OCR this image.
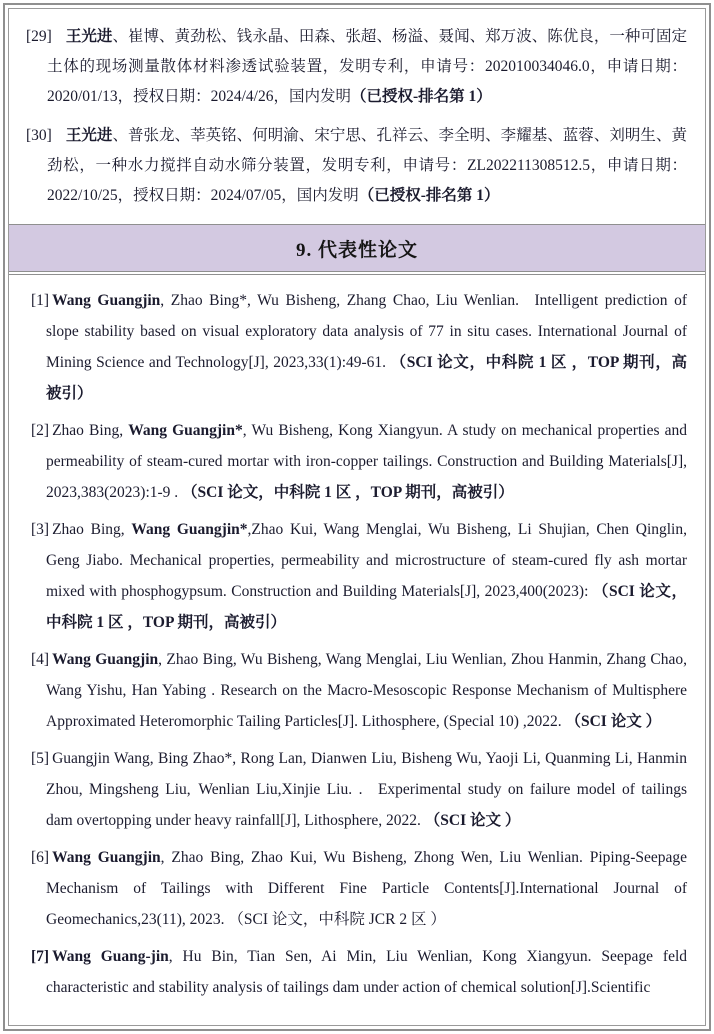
[29] 王光进、崔博、黄劲松、钱永晶、田森、张超、杨溢、聂闻、郑万波、陈优良，一种可固定土体的现场测量散体材料渗透试验装置，发明专利，申请号：202010034046.0，申请日期：2020/01/13，授权日期：2024/4/26，国内发明（已授权-排名第 1）
[30] 王光进、普张龙、莘英铭、何明渝、宋宁思、孔祥云、李全明、李耀基、蓝蓉、刘明生、黄劲松，一种水力搅拌自动水筛分装置，发明专利，申请号：ZL202211308512.5，申请日期：2022/10/25，授权日期：2024/07/05，国内发明（已授权-排名第 1）
9. 代表性论文
[1] Wang Guangjin, Zhao Bing*, Wu Bisheng, Zhang Chao, Liu Wenlian. Intelligent prediction of slope stability based on visual exploratory data analysis of 77 in situ cases. International Journal of Mining Science and Technology[J], 2023,33(1):49-61. （SCI 论文，中科院 1 区 ，TOP 期刊，高被引）
[2] Zhao Bing, Wang Guangjin*, Wu Bisheng, Kong Xiangyun. A study on mechanical properties and permeability of steam-cured mortar with iron-copper tailings. Construction and Building Materials[J], 2023,383(2023):1-9 . （SCI 论文，中科院 1 区 ，TOP 期刊，高被引）
[3] Zhao Bing, Wang Guangjin*,Zhao Kui, Wang Menglai, Wu Bisheng, Li Shujian, Chen Qinglin, Geng Jiabo. Mechanical properties, permeability and microstructure of steam-cured fly ash mortar mixed with phosphogypsum. Construction and Building Materials[J], 2023,400(2023): （SCI 论文，中科院 1 区 ，TOP 期刊，高被引）
[4] Wang Guangjin, Zhao Bing, Wu Bisheng, Wang Menglai, Liu Wenlian, Zhou Hanmin, Zhang Chao, Wang Yishu, Han Yabing . Research on the Macro-Mesoscopic Response Mechanism of Multisphere Approximated Heteromorphic Tailing Particles[J]. Lithosphere, (Special 10) ,2022. （SCI 论文 ）
[5] Guangjin Wang, Bing Zhao*, Rong Lan, Dianwen Liu, Bisheng Wu, Yaoji Li, Quanming Li, Hanmin Zhou, Mingsheng Liu, Wenlian Liu,Xinjie Liu. . Experimental study on failure model of tailings dam overtopping under heavy rainfall[J], Lithosphere, 2022. （SCI 论文 ）
[6] Wang Guangjin, Zhao Bing, Zhao Kui, Wu Bisheng, Zhong Wen, Liu Wenlian. Piping-Seepage Mechanism of Tailings with Different Fine Particle Contents[J].International Journal of Geomechanics,23(11), 2023. （SCI 论文，中科院 JCR 2 区 ）
[7] Wang Guang-jin, Hu Bin, Tian Sen, Ai Min, Liu Wenlian, Kong Xiangyun. Seepage feld characteristic and stability analysis of tailings dam under action of chemical solution[J].Scientific
